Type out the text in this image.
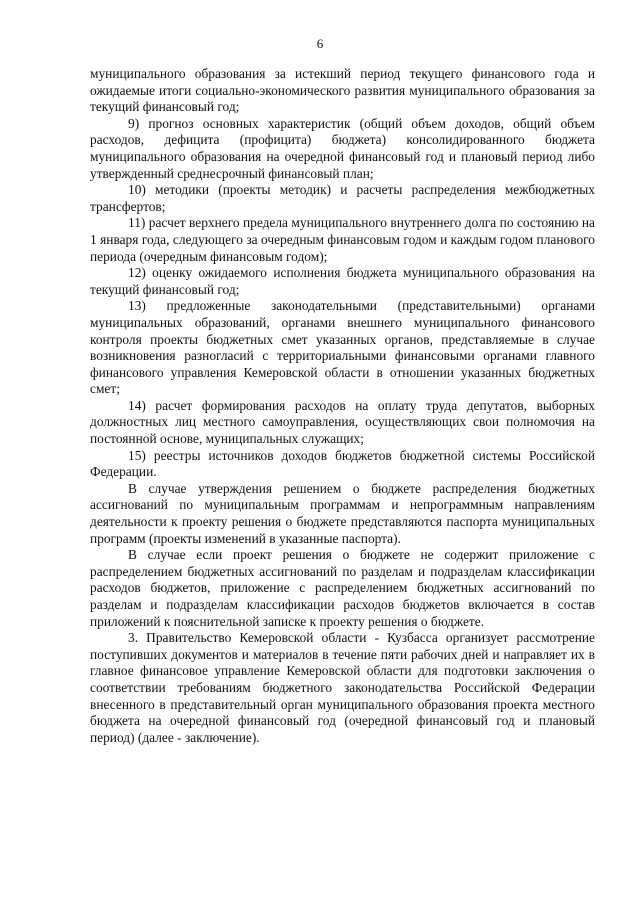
6

муниципального образования за истекший период текущего финансового года и ожидаемые итоги социально-экономического развития муниципального образования за текущий финансовый год;

9) прогноз основных характеристик (общий объем доходов, общий объем расходов, дефицита (профицита) бюджета) консолидированного бюджета муниципального образования на очередной финансовый год и плановый период либо утвержденный среднесрочный финансовый план;

10) методики (проекты методик) и расчеты распределения межбюджетных трансфертов;

11) расчет верхнего предела муниципального внутреннего долга по состоянию на 1 января года, следующего за очередным финансовым годом и каждым годом планового периода (очередным финансовым годом);

12) оценку ожидаемого исполнения бюджета муниципального образования на текущий финансовый год;

13) предложенные законодательными (представительными) органами муниципальных образований, органами внешнего муниципального финансового контроля проекты бюджетных смет указанных органов, представляемые в случае возникновения разногласий с территориальными финансовыми органами главного финансового управления Кемеровской области в отношении указанных бюджетных смет;

14) расчет формирования расходов на оплату труда депутатов, выборных должностных лиц местного самоуправления, осуществляющих свои полномочия на постоянной основе, муниципальных служащих;

15) реестры источников доходов бюджетов бюджетной системы Российской Федерации.

В случае утверждения решением о бюджете распределения бюджетных ассигнований по муниципальным программам и непрограммным направлениям деятельности к проекту решения о бюджете представляются паспорта муниципальных программ (проекты изменений в указанные паспорта).

В случае если проект решения о бюджете не содержит приложение с распределением бюджетных ассигнований по разделам и подразделам классификации расходов бюджетов, приложение с распределением бюджетных ассигнований по разделам и подразделам классификации расходов бюджетов включается в состав приложений к пояснительной записке к проекту решения о бюджете.

3. Правительство Кемеровской области - Кузбасса организует рассмотрение поступивших документов и материалов в течение пяти рабочих дней и направляет их в главное финансовое управление Кемеровской области для подготовки заключения о соответствии требованиям бюджетного законодательства Российской Федерации внесенного в представительный орган муниципального образования проекта местного бюджета на очередной финансовый год (очередной финансовый год и плановый период) (далее - заключение).
